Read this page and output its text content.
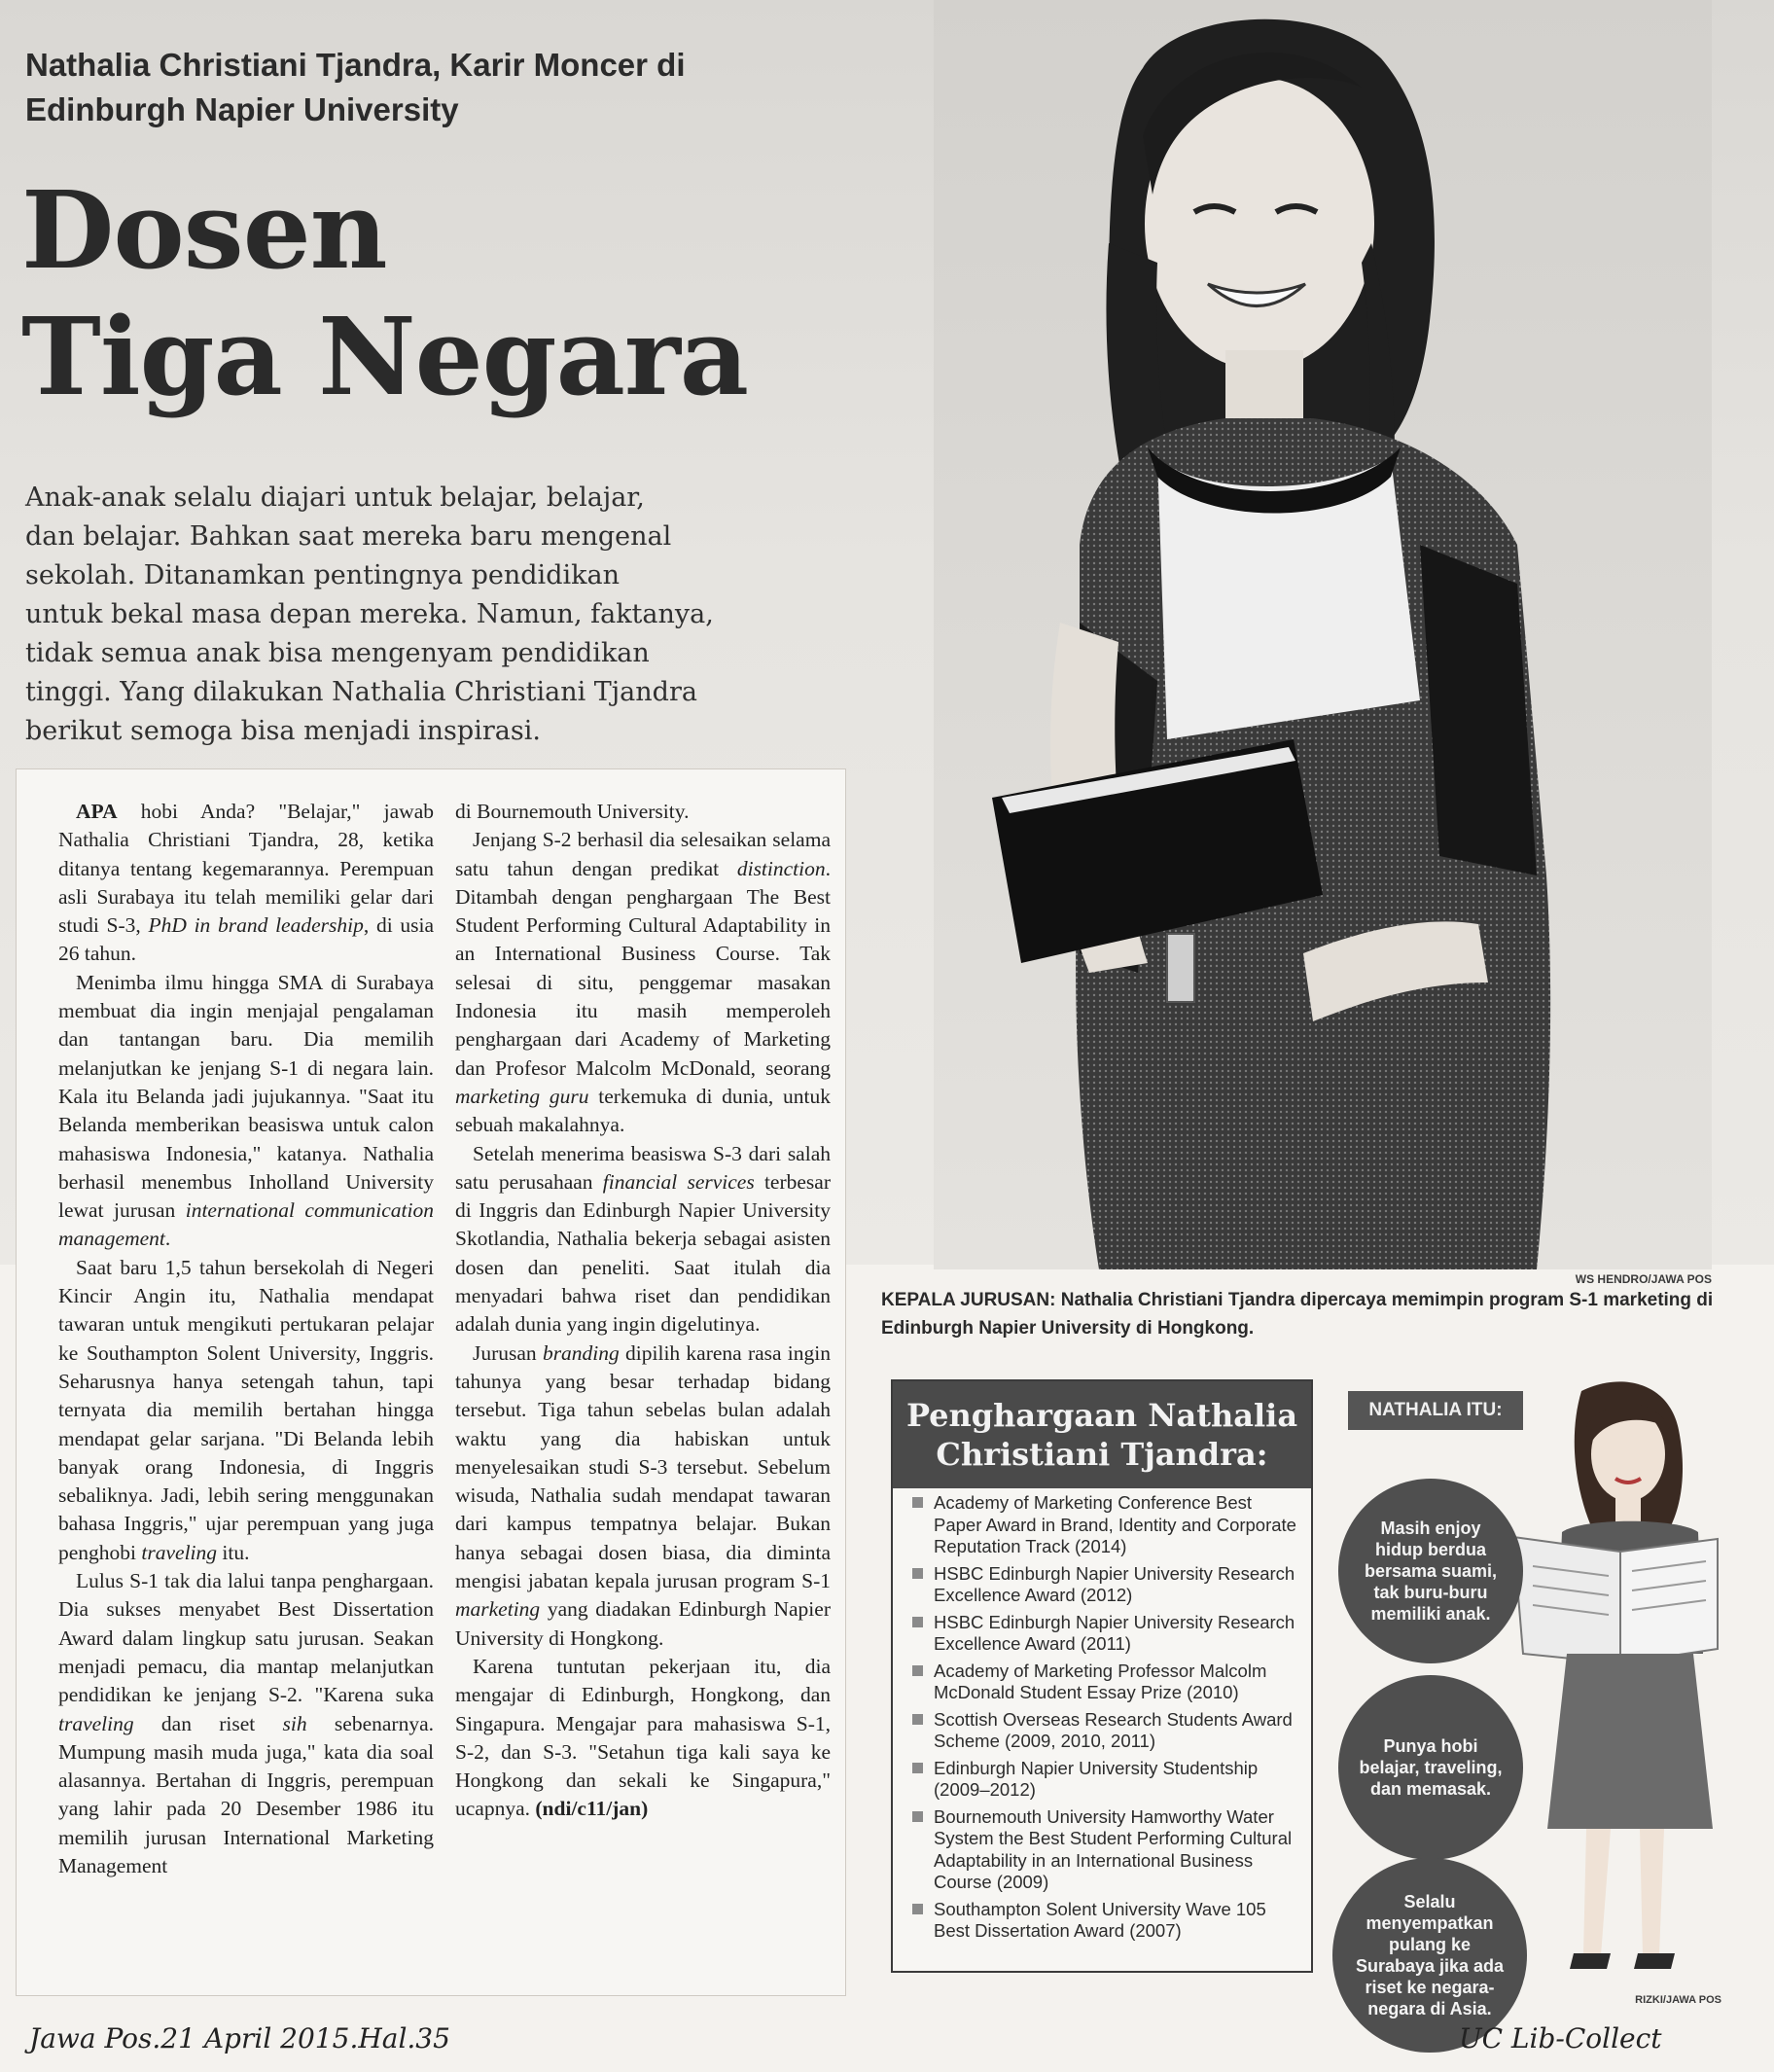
Nathalia Christiani Tjandra, Karir Moncer di Edinburgh Napier University
Dosen
Tiga Negara
Anak-anak selalu diajari untuk belajar, belajar,
dan belajar. Bahkan saat mereka baru mengenal
sekolah. Ditanamkan pentingnya pendidikan
untuk bekal masa depan mereka. Namun, faktanya,
tidak semua anak bisa mengenyam pendidikan
tinggi. Yang dilakukan Nathalia Christiani Tjandra
berikut semoga bisa menjadi inspirasi.

APA hobi Anda? "Belajar," jawab Nathalia Christiani Tjandra, 28, ketika ditanya tentang kegemarannya. Perempuan asli Surabaya itu telah memiliki gelar dari studi S-3, PhD in brand leadership, di usia 26 tahun.

Menimba ilmu hingga SMA di Surabaya membuat dia ingin menjajal pengalaman dan tantangan baru. Dia memilih melanjutkan ke jenjang S-1 di negara lain. Kala itu Belanda jadi jujukannya. "Saat itu Belanda memberikan beasiswa untuk calon mahasiswa Indonesia," katanya. Nathalia berhasil menembus Inholland University lewat jurusan international communication management.

Saat baru 1,5 tahun bersekolah di Negeri Kincir Angin itu, Nathalia mendapat tawaran untuk mengikuti pertukaran pelajar ke Southampton Solent University, Inggris. Seharusnya hanya setengah tahun, tapi ternyata dia memilih bertahan hingga mendapat gelar sarjana. "Di Belanda lebih banyak orang Indonesia, di Inggris sebaliknya. Jadi, lebih sering menggunakan bahasa Inggris," ujar perempuan yang juga penghobi traveling itu.

Lulus S-1 tak dia lalui tanpa penghargaan. Dia sukses menyabet Best Dissertation Award dalam lingkup satu jurusan. Seakan menjadi pemacu, dia mantap melanjutkan pendidikan ke jenjang S-2. "Karena suka traveling dan riset sih sebenarnya. Mumpung masih muda juga," kata dia soal alasannya. Bertahan di Inggris, perempuan yang lahir pada 20 Desember 1986 itu memilih jurusan International Marketing Management

di Bournemouth University.

Jenjang S-2 berhasil dia selesaikan selama satu tahun dengan predikat distinction. Ditambah dengan penghargaan The Best Student Performing Cultural Adaptability in an International Business Course. Tak selesai di situ, penggemar masakan Indonesia itu masih memperoleh penghargaan dari Academy of Marketing dan Profesor Malcolm McDonald, seorang marketing guru terkemuka di dunia, untuk sebuah makalahnya.

Setelah menerima beasiswa S-3 dari salah satu perusahaan financial services terbesar di Inggris dan Edinburgh Napier University Skotlandia, Nathalia bekerja sebagai asisten dosen dan peneliti. Saat itulah dia menyadari bahwa riset dan pendidikan adalah dunia yang ingin digelutinya.

Jurusan branding dipilih karena rasa ingin tahunya yang besar terhadap bidang tersebut. Tiga tahun sebelas bulan adalah waktu yang dia habiskan untuk menyelesaikan studi S-3 tersebut. Sebelum wisuda, Nathalia sudah mendapat tawaran dari kampus tempatnya belajar. Bukan hanya sebagai dosen biasa, dia diminta mengisi jabatan kepala jurusan program S-1 marketing yang diadakan Edinburgh Napier University di Hongkong.

Karena tuntutan pekerjaan itu, dia mengajar di Edinburgh, Hongkong, dan Singapura. Mengajar para mahasiswa S-1, S-2, dan S-3. "Setahun tiga kali saya ke Hongkong dan sekali ke Singapura," ucapnya. (ndi/c11/jan)

WS HENDRO/JAWA POS
KEPALA JURUSAN: Nathalia Christiani Tjandra dipercaya memimpin program S-1 marketing di Edinburgh Napier University di Hongkong.
Penghargaan Nathalia Christiani Tjandra:
Academy of Marketing Conference Best Paper Award in Brand, Identity and Corporate Reputation Track (2014)
HSBC Edinburgh Napier University Research Excellence Award (2012)
HSBC Edinburgh Napier University Research Excellence Award (2011)
Academy of Marketing Professor Malcolm McDonald Student Essay Prize (2010)
Scottish Overseas Research Students Award Scheme (2009, 2010, 2011)
Edinburgh Napier University Studentship (2009–2012)
Bournemouth University Hamworthy Water System the Best Student Performing Cultural Adaptability in an International Business Course (2009)
Southampton Solent University Wave 105 Best Dissertation Award (2007)
NATHALIA ITU:
Masih enjoy hidup berdua bersama suami, tak buru-buru memiliki anak.
Punya hobi belajar, traveling, dan memasak.
Selalu menyempatkan pulang ke Surabaya jika ada riset ke negara-negara di Asia.	RIZKI/JAWA POS
Jawa Pos.21 April 2015.Hal.35	UC Lib-Collect
